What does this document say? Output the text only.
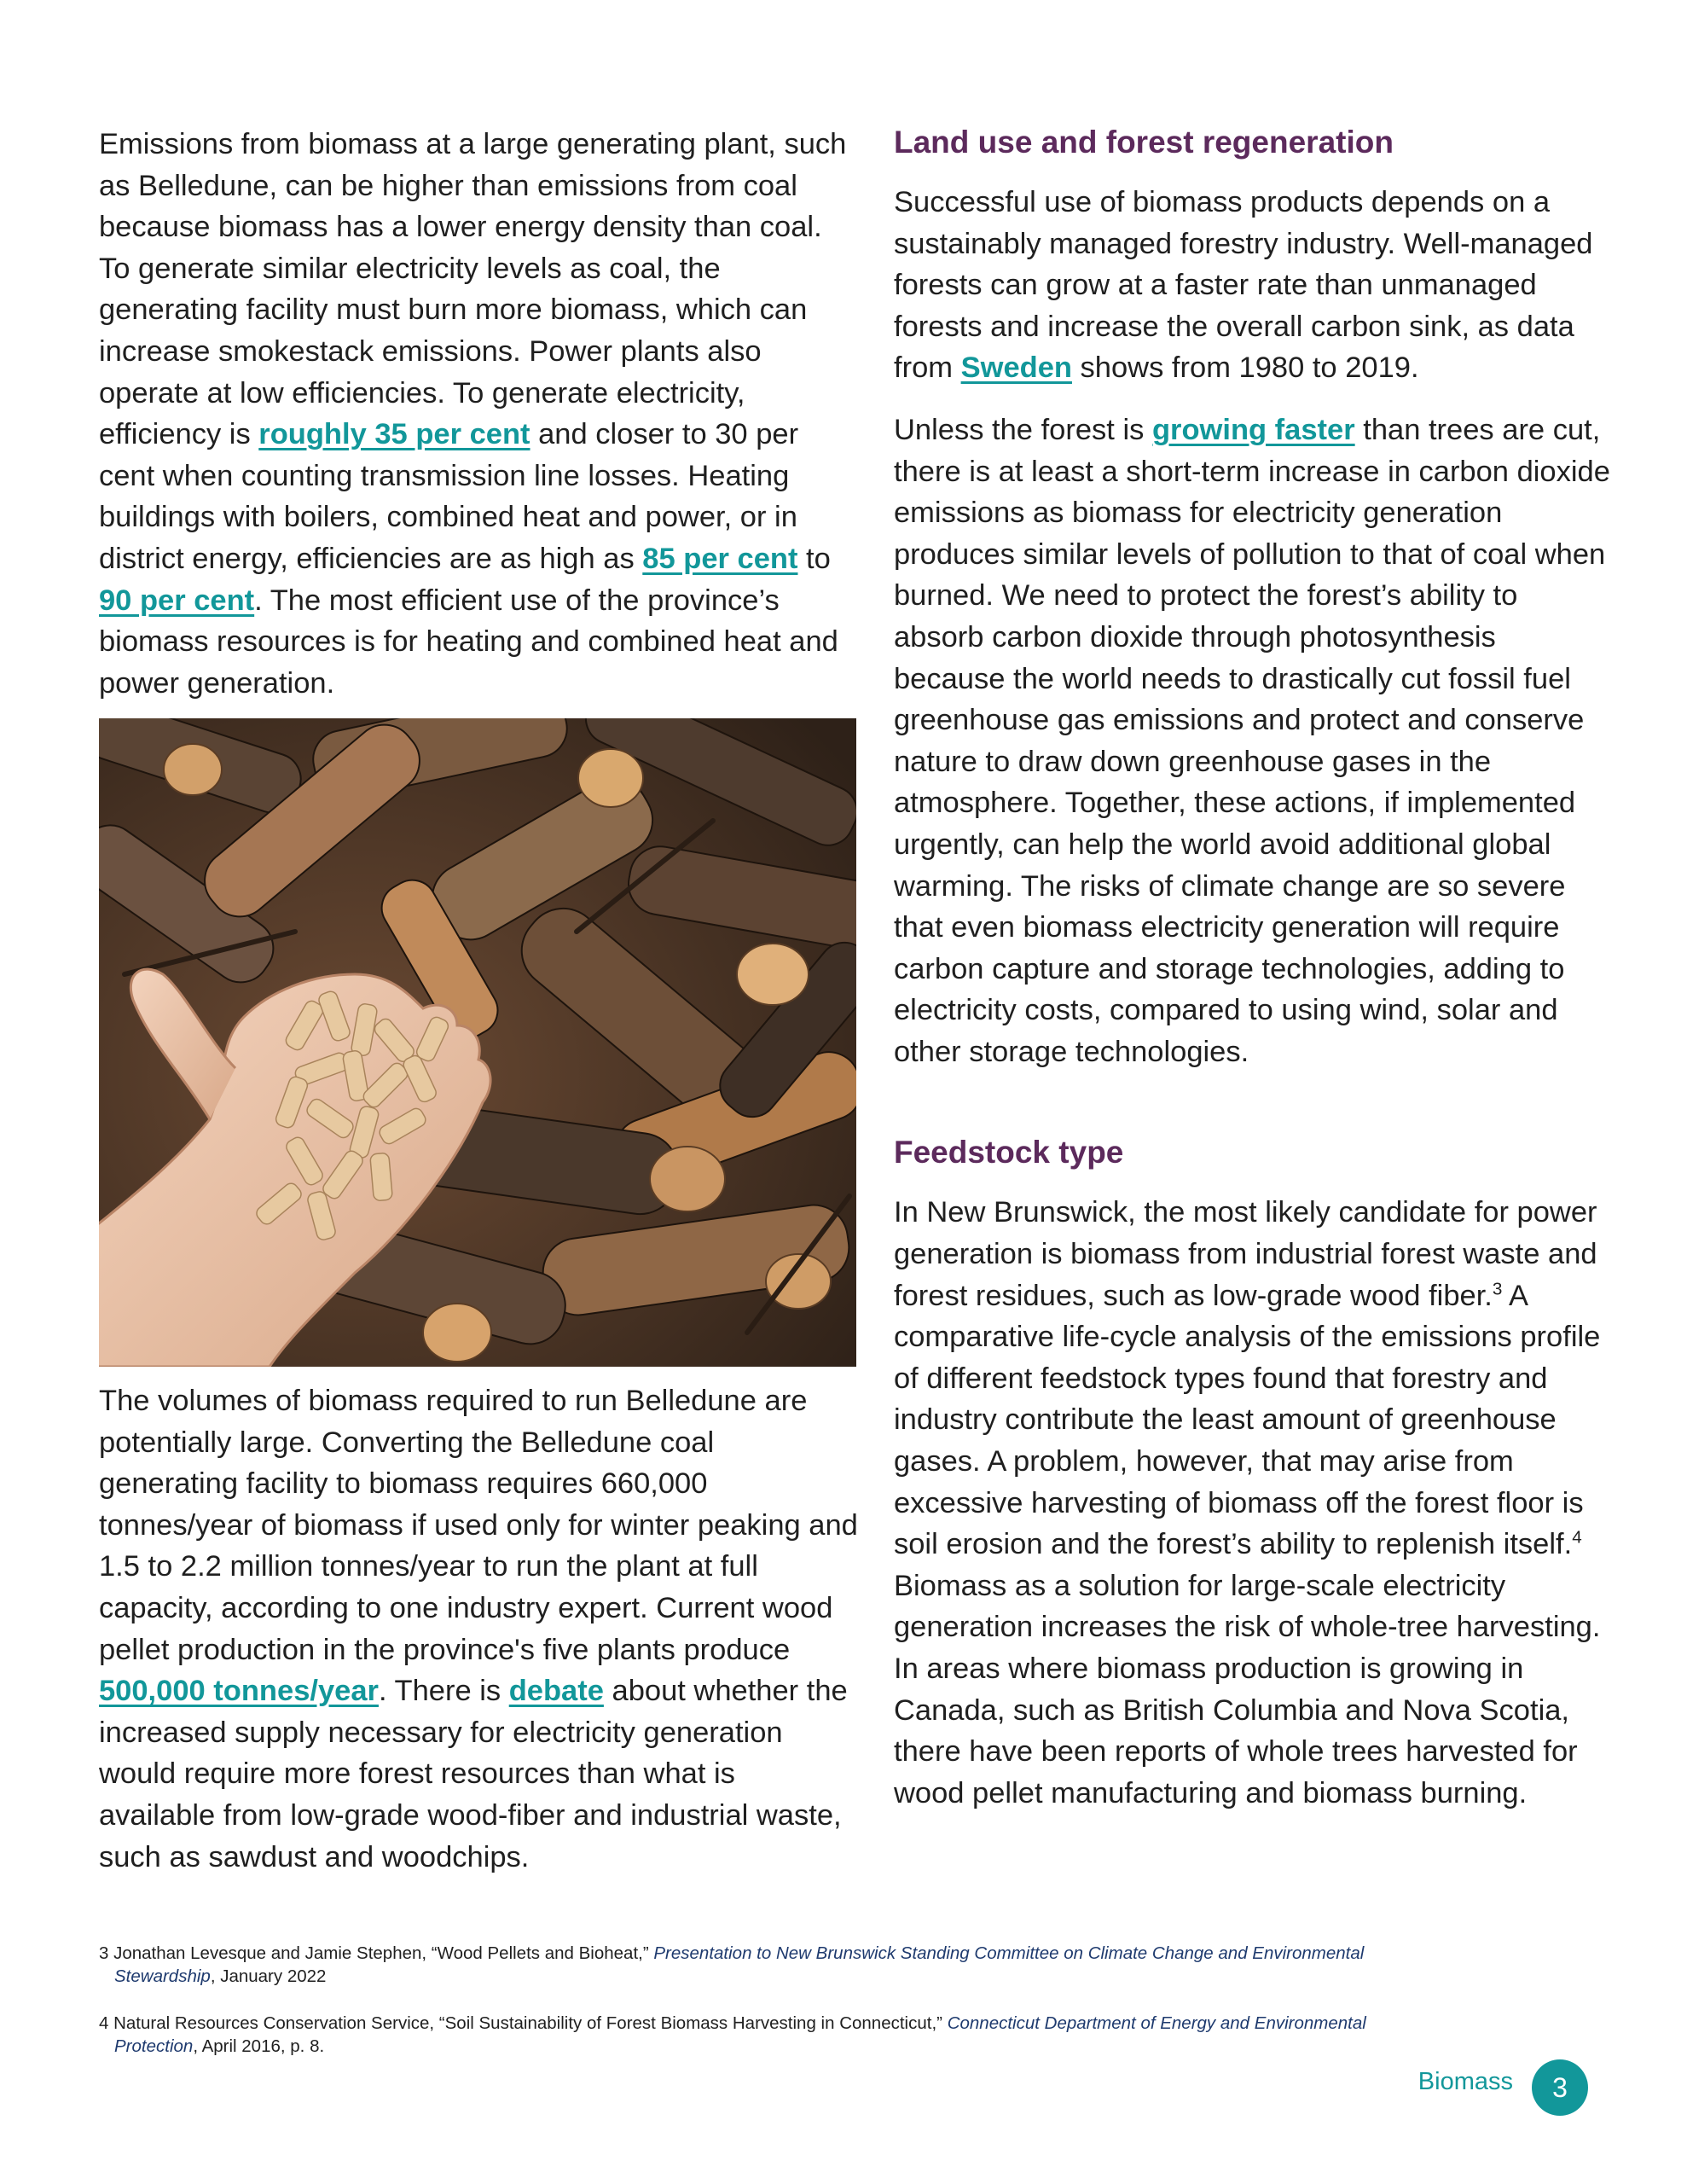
Emissions from biomass at a large generating plant, such as Belledune, can be higher than emissions from coal because biomass has a lower energy density than coal. To generate similar electricity levels as coal, the generating facility must burn more biomass, which can increase smokestack emissions. Power plants also operate at low efficiencies. To generate electricity, efficiency is roughly 35 per cent and closer to 30 per cent when counting transmission line losses. Heating buildings with boilers, combined heat and power, or in district energy, efficiencies are as high as 85 per cent to 90 per cent. The most efficient use of the province’s biomass resources is for heating and combined heat and power generation.

The volumes of biomass required to run Belledune are potentially large. Converting the Belledune coal generating facility to biomass requires 660,000 tonnes/year of biomass if used only for winter peaking and 1.5 to 2.2 million tonnes/year to run the plant at full capacity, according to one industry expert. Current wood pellet production in the province's five plants produce 500,000 tonnes/year. There is debate about whether the increased supply necessary for electricity generation would require more forest resources than what is available from low-grade wood-fiber and industrial waste, such as sawdust and woodchips.

Land use and forest regeneration

Successful use of biomass products depends on a sustainably managed forestry industry. Well-managed forests can grow at a faster rate than unmanaged forests and increase the overall carbon sink, as data from Sweden shows from 1980 to 2019.

Unless the forest is growing faster than trees are cut, there is at least a short-term increase in carbon dioxide emissions as biomass for electricity generation produces similar levels of pollution to that of coal when burned. We need to protect the forest’s ability to absorb carbon dioxide through photosynthesis because the world needs to drastically cut fossil fuel greenhouse gas emissions and protect and conserve nature to draw down greenhouse gases in the atmosphere. Together, these actions, if implemented urgently, can help the world avoid additional global warming. The risks of climate change are so severe that even biomass electricity generation will require carbon capture and storage technologies, adding to electricity costs, compared to using wind, solar and other storage technologies.

Feedstock type

In New Brunswick, the most likely candidate for power generation is biomass from industrial forest waste and forest residues, such as low-grade wood fiber.$^3$ A comparative life-cycle analysis of the emissions profile of different feedstock types found that forestry and industry contribute the least amount of greenhouse gases. A problem, however, that may arise from excessive harvesting of biomass off the forest floor is soil erosion and the forest’s ability to replenish itself.$^4$ Biomass as a solution for large-scale electricity generation increases the risk of whole-tree harvesting. In areas where biomass production is growing in Canada, such as British Columbia and Nova Scotia, there have been reports of whole trees harvested for wood pellet manufacturing and biomass burning.

3 Jonathan Levesque and Jamie Stephen, “Wood Pellets and Bioheat,” Presentation to New Brunswick Standing Committee on Climate Change and Environmental
Stewardship, January 2022

4 Natural Resources Conservation Service, “Soil Sustainability of Forest Biomass Harvesting in Connecticut,” Connecticut Department of Energy and Environmental
Protection, April 2016, p. 8.

Biomass	3
